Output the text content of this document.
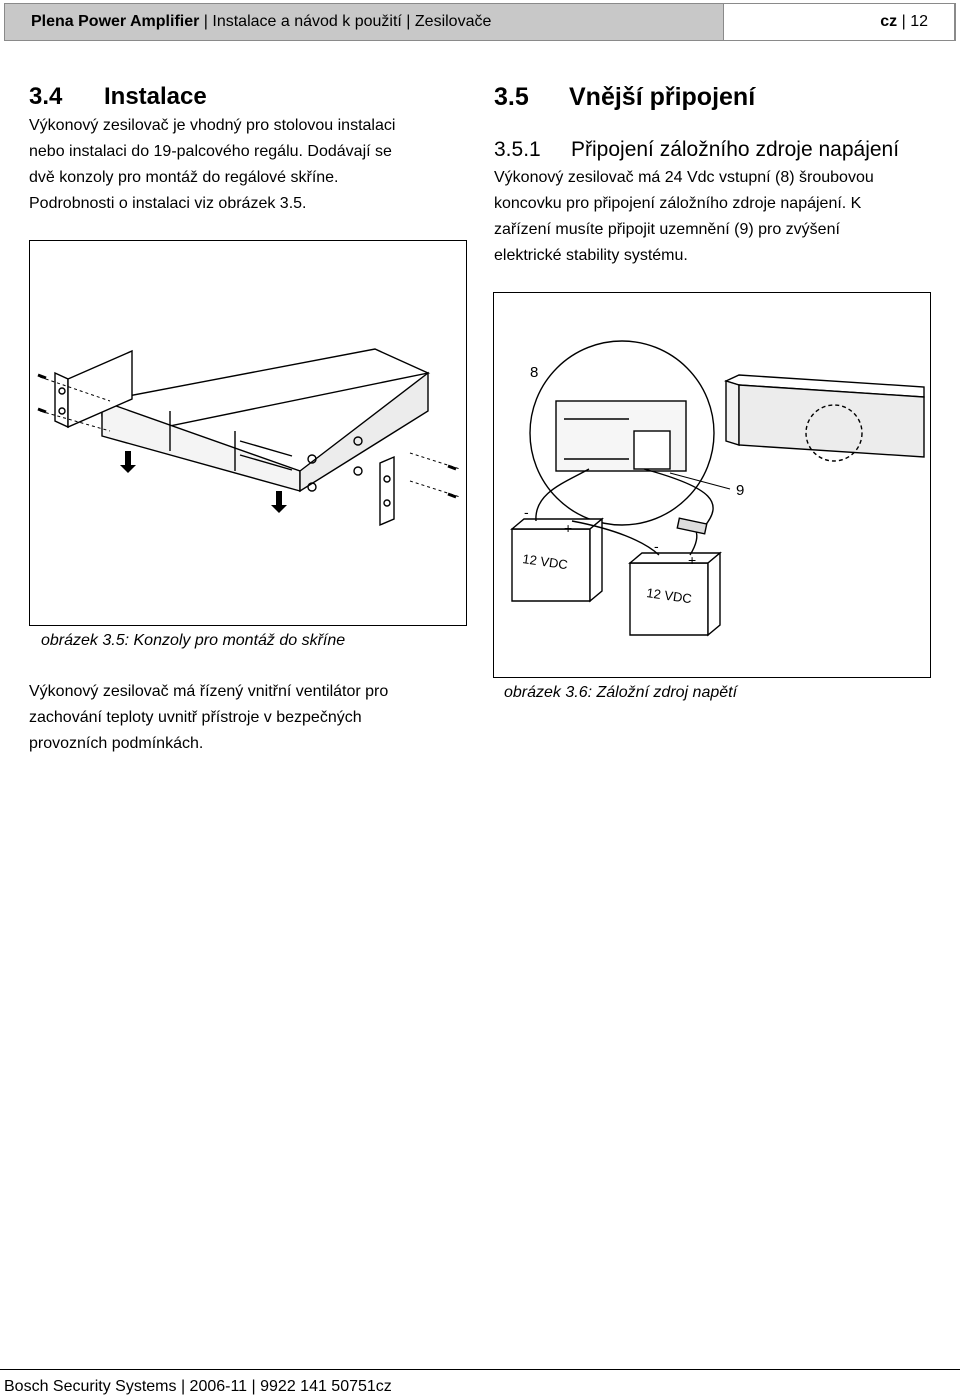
Plena Power Amplifier | Instalace a návod k použití | Zesilovače	cz | 12
3.4 Instalace
Výkonový zesilovač je vhodný pro stolovou instalaci
nebo instalaci do 19-palcového regálu. Dodávají se
dvě konzoly pro montáž do regálové skříne.
Podrobnosti o instalaci viz obrázek 3.5.
3.5 Vnější připojení
3.5.1 Připojení záložního zdroje napájení
Výkonový zesilovač má 24 Vdc vstupní (8) šroubovou
koncovku pro připojení záložního zdroje napájení. K
zařízení musíte připojit uzemnění (9) pro zvýšení
elektrické stability systému.
obrázek 3.5: Konzoly pro montáž do skříne
8
9
12 VDC
12 VDC
-
+
-
+
obrázek 3.6: Záložní zdroj napětí
Výkonový zesilovač má řízený vnitřní ventilátor pro
zachování teploty uvnitř přístroje v bezpečných
provozních podmínkách.
Bosch Security Systems | 2006-11 | 9922 141 50751cz
